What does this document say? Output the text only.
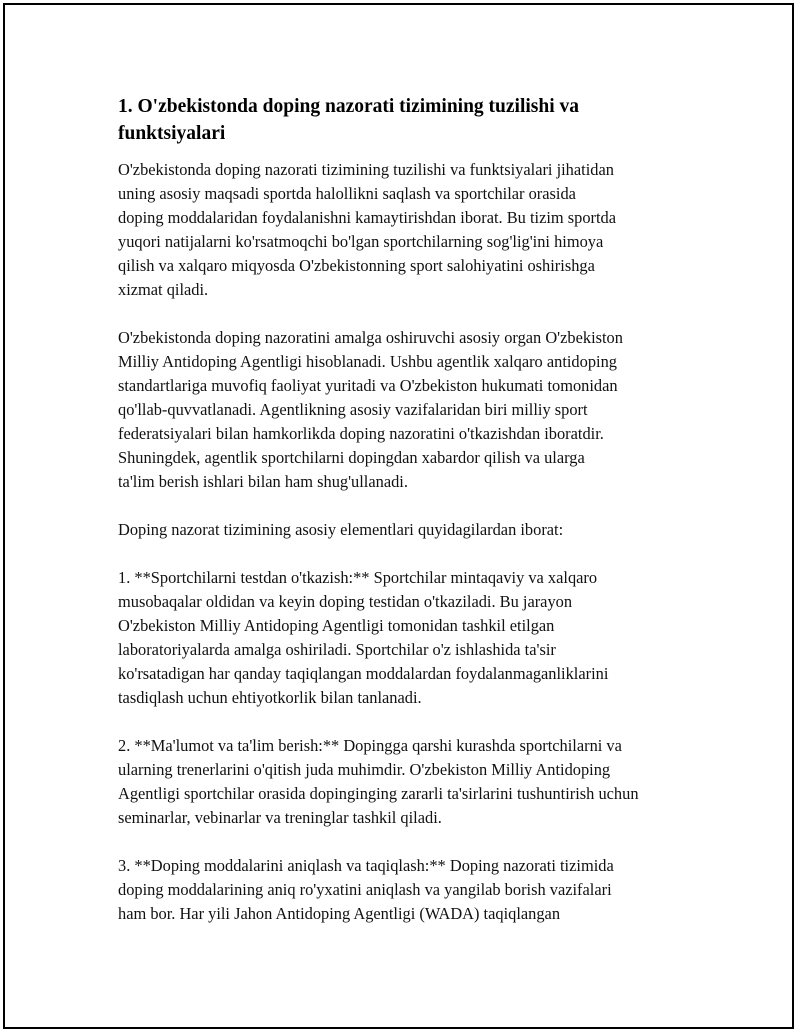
1. O'zbekistonda doping nazorati tizimining tuzilishi va
funktsiyalari

O'zbekistonda doping nazorati tizimining tuzilishi va funktsiyalari jihatidan
uning asosiy maqsadi sportda halollikni saqlash va sportchilar orasida
doping moddalaridan foydalanishni kamaytirishdan iborat. Bu tizim sportda
yuqori natijalarni ko'rsatmoqchi bo'lgan sportchilarning sog'lig'ini himoya
qilish va xalqaro miqyosda O'zbekistonning sport salohiyatini oshirishga
xizmat qiladi.

O'zbekistonda doping nazoratini amalga oshiruvchi asosiy organ O'zbekiston
Milliy Antidoping Agentligi hisoblanadi. Ushbu agentlik xalqaro antidoping
standartlariga muvofiq faoliyat yuritadi va O'zbekiston hukumati tomonidan
qo'llab-quvvatlanadi. Agentlikning asosiy vazifalaridan biri milliy sport
federatsiyalari bilan hamkorlikda doping nazoratini o'tkazishdan iboratdir.
Shuningdek, agentlik sportchilarni dopingdan xabardor qilish va ularga
ta'lim berish ishlari bilan ham shug'ullanadi.

Doping nazorat tizimining asosiy elementlari quyidagilardan iborat:

1. **Sportchilarni testdan o'tkazish:** Sportchilar mintaqaviy va xalqaro
musobaqalar oldidan va keyin doping testidan o'tkaziladi. Bu jarayon
O'zbekiston Milliy Antidoping Agentligi tomonidan tashkil etilgan
laboratoriyalarda amalga oshiriladi. Sportchilar o'z ishlashida ta'sir
ko'rsatadigan har qanday taqiqlangan moddalardan foydalanmaganliklarini
tasdiqlash uchun ehtiyotkorlik bilan tanlanadi.

2. **Ma'lumot va ta'lim berish:** Dopingga qarshi kurashda sportchilarni va
ularning trenerlarini o'qitish juda muhimdir. O'zbekiston Milliy Antidoping
Agentligi sportchilar orasida dopinginging zararli ta'sirlarini tushuntirish uchun
seminarlar, vebinarlar va treninglar tashkil qiladi.

3. **Doping moddalarini aniqlash va taqiqlash:** Doping nazorati tizimida
doping moddalarining aniq ro'yxatini aniqlash va yangilab borish vazifalari
ham bor. Har yili Jahon Antidoping Agentligi (WADA) taqiqlangan
